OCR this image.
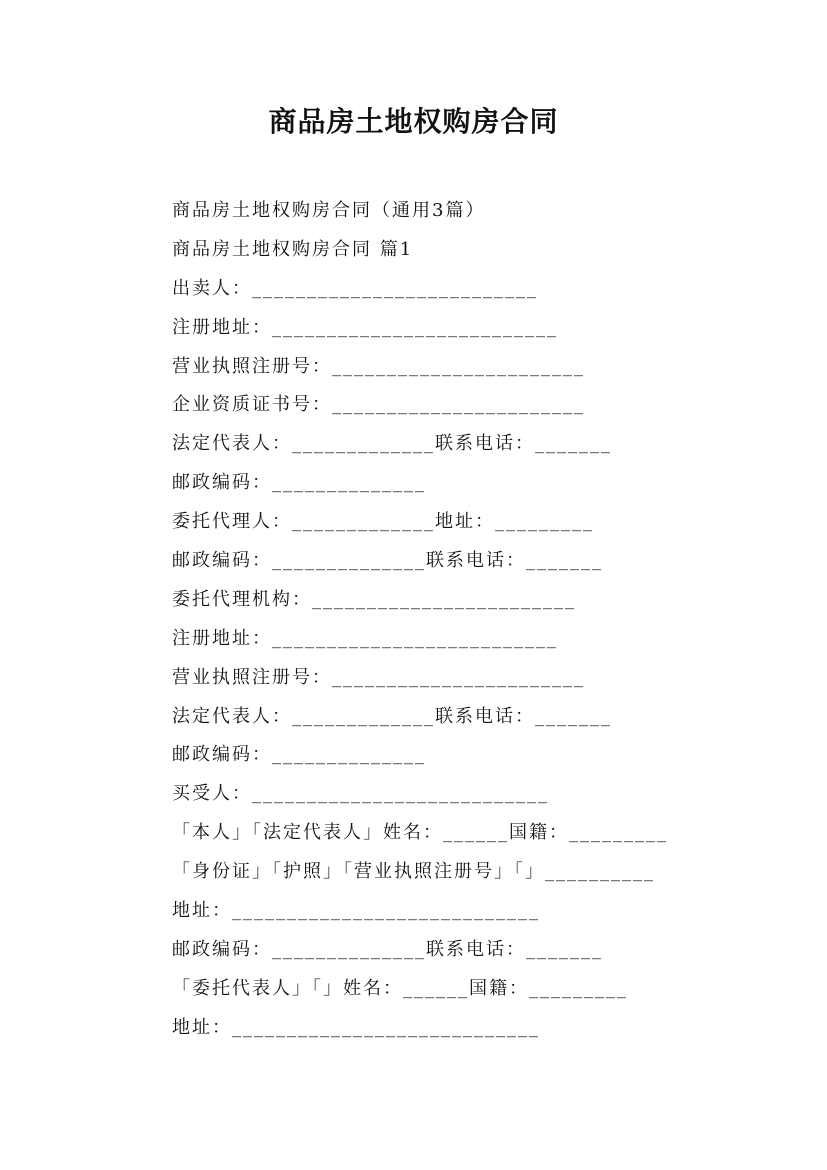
商品房土地权购房合同
商品房土地权购房合同（通用3篇）
商品房土地权购房合同 篇1
出卖人：__________________________
注册地址：__________________________
营业执照注册号：_______________________
企业资质证书号：_______________________
法定代表人：_____________联系电话：_______
邮政编码：______________
委托代理人：_____________地址：_________
邮政编码：______________联系电话：_______
委托代理机构：________________________
注册地址：__________________________
营业执照注册号：_______________________
法定代表人：_____________联系电话：_______
邮政编码：______________
买受人：___________________________
「本人」「法定代表人」姓名：______国籍：_________
「身份证」「护照」「营业执照注册号」「」__________
地址：____________________________
邮政编码：______________联系电话：_______
「委托代表人」「」姓名：______国籍：_________
地址：____________________________
